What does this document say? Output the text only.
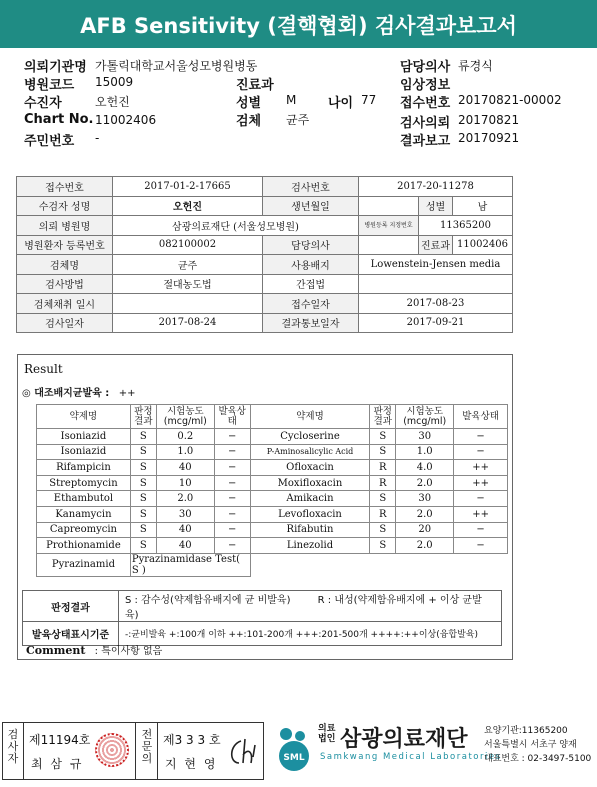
AFB Sensitivity (결핵협회) 검사결과보고서
의뢰기관명 가톨릭대학교서울성모병원병동	담당의사 류경식
병원코드 15009	진료과	임상정보
수진자	오헌진	성별 M 나이 77 접수번호 20170821-00002
Chart No. 11002406	검체 균주	검사의뢰 20170821
주민번호 -	결과보고 20170921
접수번호	2017-01-2-17665	검사번호	2017-20-11278		
수검자 성명	오헌진	생년월일		성별	남
의뢰 병원명	삼광의료재단 (서울성모병원)		병원등록 지정번호	11365200	
병원환자 등록번호	082100002	담당의사		진료과	11002406
검체명	균주	사용배지	Lowenstein-Jensen media		
검사방법	절대농도법	간접법			
검체채취 일시		접수일자	2017-08-23		
검사일자	2017-08-24	결과통보일자	2017-09-21		
Result
◎ 대조배지균발육 : ++
약제명	판정결과	시험농도(mcg/ml)	발육상태	약제명	판정결과	시험농도(mcg/ml)	발육상태
Isoniazid	S	0.2	−	Cycloserine	S	30	−
Isoniazid	S	1.0	−	P-Aminosalicylic Acid	S	1.0	−
Rifampicin	S	40	−	Ofloxacin	R	4.0	++
Streptomycin	S	10	−	Moxifloxacin	R	2.0	++
Ethambutol	S	2.0	−	Amikacin	S	30	−
Kanamycin	S	30	−	Levofloxacin	R	2.0	++
Capreomycin	S	40	−	Rifabutin	S	20	−
Prothionamide	S	40	−	Linezolid	S	2.0	−
Pyrazinamid	Pyrazinamidase Test( S )						
판정결과	S : 감수성(약제함유배지에 균 비발육) R : 내성(약제함유배지에 + 이상 균발육)
발육상태표시기준	-:균비발육 +:100개 이하 ++:101-200개 +++:201-500개 ++++:++이상(융합발육)
Comment : 특이사항 없음
검사자
제11194호
최 삼 규
전문의
제3 3 3 호
지 현 영	SML
의료법인 삼광의료재단
Samkwang Medical Laboratories
요양기관:11365200
서울특별시 서초구 양재
대표번호 : 02-3497-5100
